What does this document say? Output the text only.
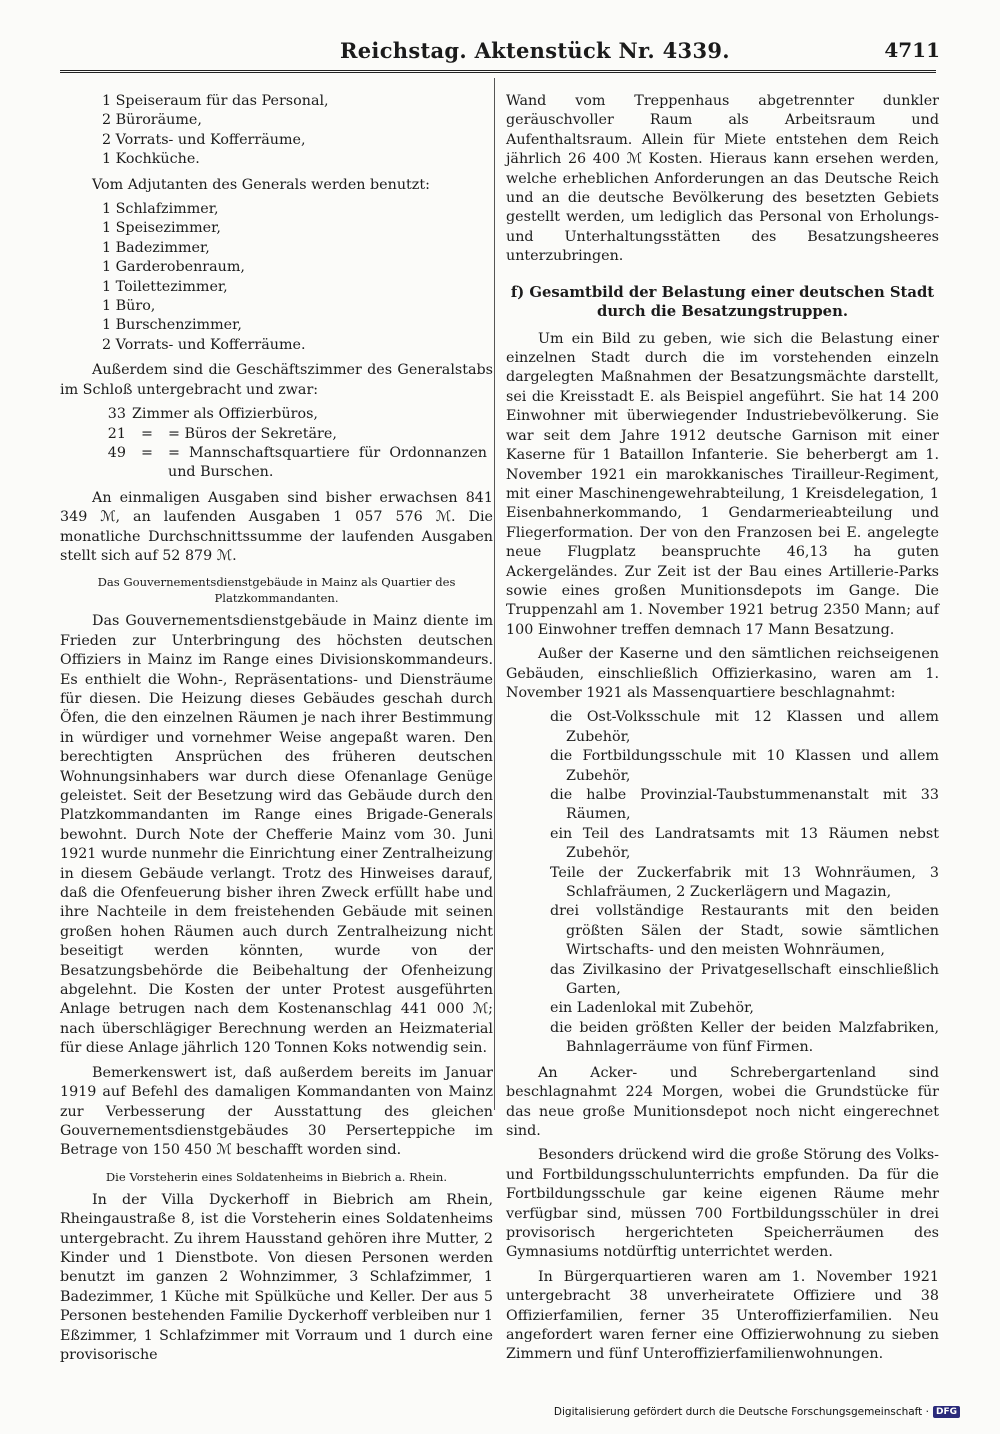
Reichstag. Aktenstück Nr. 4339.	4711
1 Speiseraum für das Personal,
2 Büroräume,
2 Vorrats- und Kofferräume,
1 Kochküche.

Vom Adjutanten des Generals werden benutzt:

1 Schlafzimmer,
1 Speisezimmer,
1 Badezimmer,
1 Garderobenraum,
1 Toilettezimmer,
1 Büro,
1 Burschenzimmer,
2 Vorrats- und Kofferräume.

Außerdem sind die Geschäftszimmer des Generalstabs im Schloß untergebracht und zwar:

33	Zimmer als Offizierbüros,	
21	=	= Büros der Sekretäre,
49	=	= Mannschaftsquartiere für Ordonnanzen und Burschen.

An einmaligen Ausgaben sind bisher erwachsen 841 349 ℳ, an laufenden Ausgaben 1 057 576 ℳ. Die monatliche Durchschnittssumme der laufenden Ausgaben stellt sich auf 52 879 ℳ.

Das Gouvernementsdienstgebäude in Mainz als Quartier des Platzkommandanten.

Das Gouvernementsdienstgebäude in Mainz diente im Frieden zur Unterbringung des höchsten deutschen Offiziers in Mainz im Range eines Divisionskommandeurs. Es enthielt die Wohn-, Repräsentations- und Diensträume für diesen. Die Heizung dieses Gebäudes geschah durch Öfen, die den einzelnen Räumen je nach ihrer Bestimmung in würdiger und vornehmer Weise angepaßt waren. Den berechtigten Ansprüchen des früheren deutschen Wohnungsinhabers war durch diese Ofenanlage Genüge geleistet. Seit der Besetzung wird das Gebäude durch den Platzkommandanten im Range eines Brigade-Generals bewohnt. Durch Note der Chefferie Mainz vom 30. Juni 1921 wurde nunmehr die Einrichtung einer Zentralheizung in diesem Gebäude verlangt. Trotz des Hinweises darauf, daß die Ofenfeuerung bisher ihren Zweck erfüllt habe und ihre Nachteile in dem freistehenden Gebäude mit seinen großen hohen Räumen auch durch Zentralheizung nicht beseitigt werden könnten, wurde von der Besatzungsbehörde die Beibehaltung der Ofenheizung abgelehnt. Die Kosten der unter Protest ausgeführten Anlage betrugen nach dem Kostenanschlag 441 000 ℳ; nach überschlägiger Berechnung werden an Heizmaterial für diese Anlage jährlich 120 Tonnen Koks notwendig sein.

Bemerkenswert ist, daß außerdem bereits im Januar 1919 auf Befehl des damaligen Kommandanten von Mainz zur Verbesserung der Ausstattung des gleichen Gouvernementsdienstgebäudes 30 Perserteppiche im Betrage von 150 450 ℳ beschafft worden sind.

Die Vorsteherin eines Soldatenheims in Biebrich a. Rhein.

In der Villa Dyckerhoff in Biebrich am Rhein, Rheingaustraße 8, ist die Vorsteherin eines Soldatenheims untergebracht. Zu ihrem Hausstand gehören ihre Mutter, 2 Kinder und 1 Dienstbote. Von diesen Personen werden benutzt im ganzen 2 Wohnzimmer, 3 Schlafzimmer, 1 Badezimmer, 1 Küche mit Spülküche und Keller. Der aus 5 Personen bestehenden Familie Dyckerhoff verbleiben nur 1 Eßzimmer, 1 Schlafzimmer mit Vorraum und 1 durch eine provisorische

Wand vom Treppenhaus abgetrennter dunkler geräuschvoller Raum als Arbeitsraum und Aufenthaltsraum. Allein für Miete entstehen dem Reich jährlich 26 400 ℳ Kosten. Hieraus kann ersehen werden, welche erheblichen Anforderungen an das Deutsche Reich und an die deutsche Bevölkerung des besetzten Gebiets gestellt werden, um lediglich das Personal von Erholungs- und Unterhaltungsstätten des Besatzungsheeres unterzubringen.

f) Gesamtbild der Belastung einer deutschen Stadt durch die Besatzungstruppen.

Um ein Bild zu geben, wie sich die Belastung einer einzelnen Stadt durch die im vorstehenden einzeln dargelegten Maßnahmen der Besatzungsmächte darstellt, sei die Kreisstadt E. als Beispiel angeführt. Sie hat 14 200 Einwohner mit überwiegender Industriebevölkerung. Sie war seit dem Jahre 1912 deutsche Garnison mit einer Kaserne für 1 Bataillon Infanterie. Sie beherbergt am 1. November 1921 ein marokkanisches Tirailleur-Regiment, mit einer Maschinengewehrabteilung, 1 Kreisdelegation, 1 Eisenbahnerkommando, 1 Gendarmerieabteilung und Fliegerformation. Der von den Franzosen bei E. angelegte neue Flugplatz beanspruchte 46,13 ha guten Ackergeländes. Zur Zeit ist der Bau eines Artillerie-Parks sowie eines großen Munitionsdepots im Gange. Die Truppenzahl am 1. November 1921 betrug 2350 Mann; auf 100 Einwohner treffen demnach 17 Mann Besatzung.

Außer der Kaserne und den sämtlichen reichseigenen Gebäuden, einschließlich Offizierkasino, waren am 1. November 1921 als Massenquartiere beschlagnahmt:

die Ost-Volksschule mit 12 Klassen und allem Zubehör,
die Fortbildungsschule mit 10 Klassen und allem Zubehör,
die halbe Provinzial-Taubstummenanstalt mit 33 Räumen,
ein Teil des Landratsamts mit 13 Räumen nebst Zubehör,
Teile der Zuckerfabrik mit 13 Wohnräumen, 3 Schlafräumen, 2 Zuckerlägern und Magazin,
drei vollständige Restaurants mit den beiden größten Sälen der Stadt, sowie sämtlichen Wirtschafts- und den meisten Wohnräumen,
das Zivilkasino der Privatgesellschaft einschließlich Garten,
ein Ladenlokal mit Zubehör,
die beiden größten Keller der beiden Malzfabriken, Bahnlagerräume von fünf Firmen.

An Acker- und Schrebergartenland sind beschlagnahmt 224 Morgen, wobei die Grundstücke für das neue große Munitionsdepot noch nicht eingerechnet sind.

Besonders drückend wird die große Störung des Volks- und Fortbildungsschulunterrichts empfunden. Da für die Fortbildungsschule gar keine eigenen Räume mehr verfügbar sind, müssen 700 Fortbildungsschüler in drei provisorisch hergerichteten Speicherräumen des Gymnasiums notdürftig unterrichtet werden.

In Bürgerquartieren waren am 1. November 1921 untergebracht 38 unverheiratete Offiziere und 38 Offizierfamilien, ferner 35 Unteroffizierfamilien. Neu angefordert waren ferner eine Offizierwohnung zu sieben Zimmern und fünf Unteroffizierfamilienwohnungen.

Digitalisierung gefördert durch die Deutsche Forschungsgemeinschaft · DFG
